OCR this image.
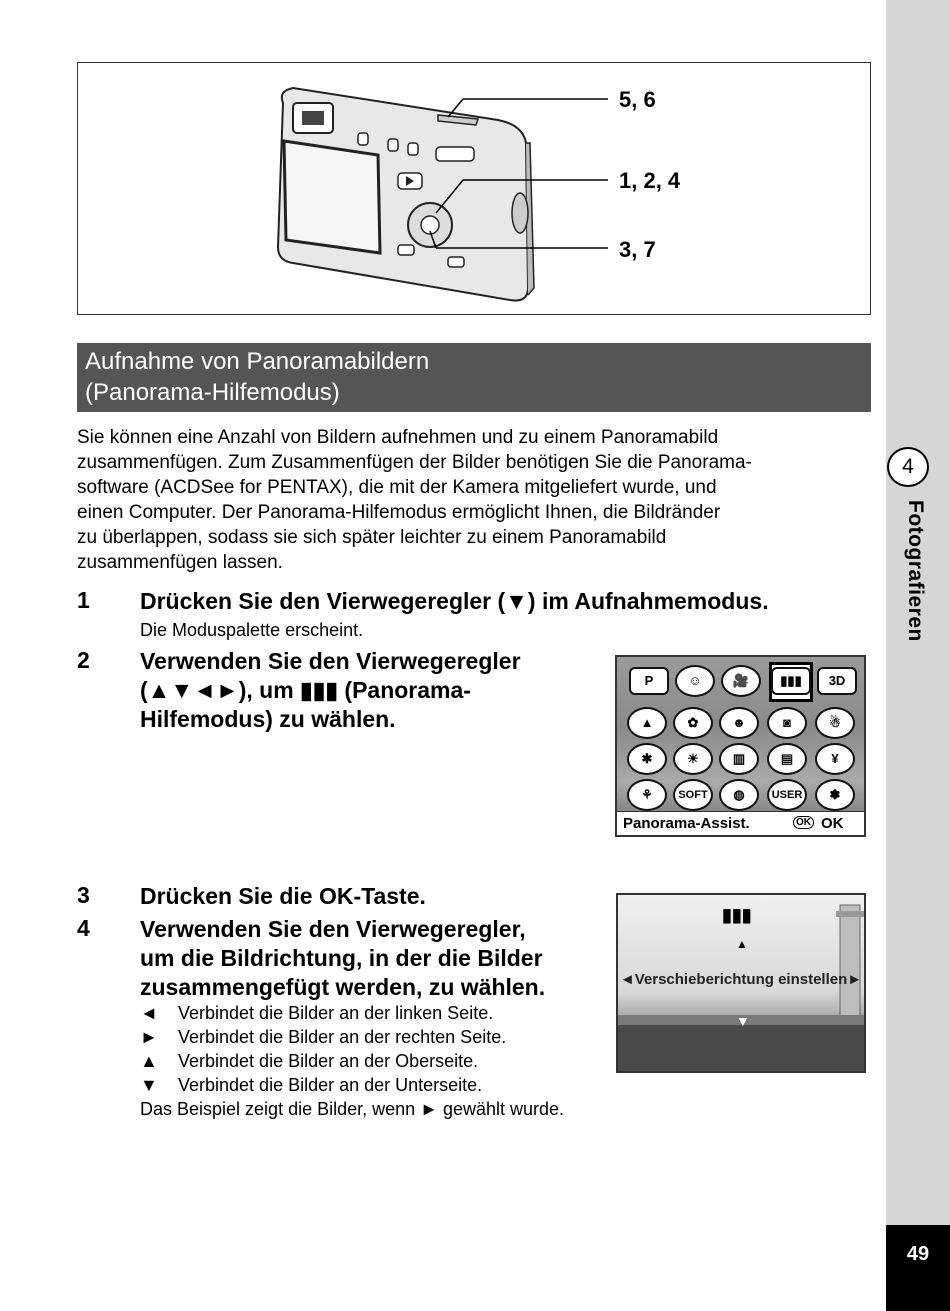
5, 6
1, 2, 4
3, 7
Aufnahme von Panoramabildern
(Panorama-Hilfemodus)
Sie können eine Anzahl von Bildern aufnehmen und zu einem Panoramabild
zusammenfügen. Zum Zusammenfügen der Bilder benötigen Sie die Panorama-
software (ACDSee for PENTAX), die mit der Kamera mitgeliefert wurde, und
einen Computer. Der Panorama-Hilfemodus ermöglicht Ihnen, die Bildränder
zu überlappen, sodass sie sich später leichter zu einem Panoramabild
zusammenfügen lassen.
1 Drücken Sie den Vierwegeregler (▼) im Aufnahmemodus.
Die Moduspalette erscheint.
2 Verwenden Sie den Vierwegeregler
(▲▼◄►), um ▮▮▮ (Panorama-
Hilfemodus) zu wählen.
P	☺	🎥	▮▮▮	3D
▲	✿	☻	◙	☃
✱	☀	▥	▤	¥
⚘	SOFT	◍	USER	✽
Panorama-Assist.	OK OK
3 Drücken Sie die OK-Taste.
4 Verwenden Sie den Vierwegeregler,
um die Bildrichtung, in der die Bilder
zusammengefügt werden, zu wählen.
◄ Verbindet die Bilder an der linken Seite.
► Verbindet die Bilder an der rechten Seite.
▲ Verbindet die Bilder an der Oberseite.
▼ Verbindet die Bilder an der Unterseite.
Das Beispiel zeigt die Bilder, wenn ► gewählt wurde.
▮▮▮
▲
◄Verschieberichtung einstellen►
▼
4
Fotografieren
49
